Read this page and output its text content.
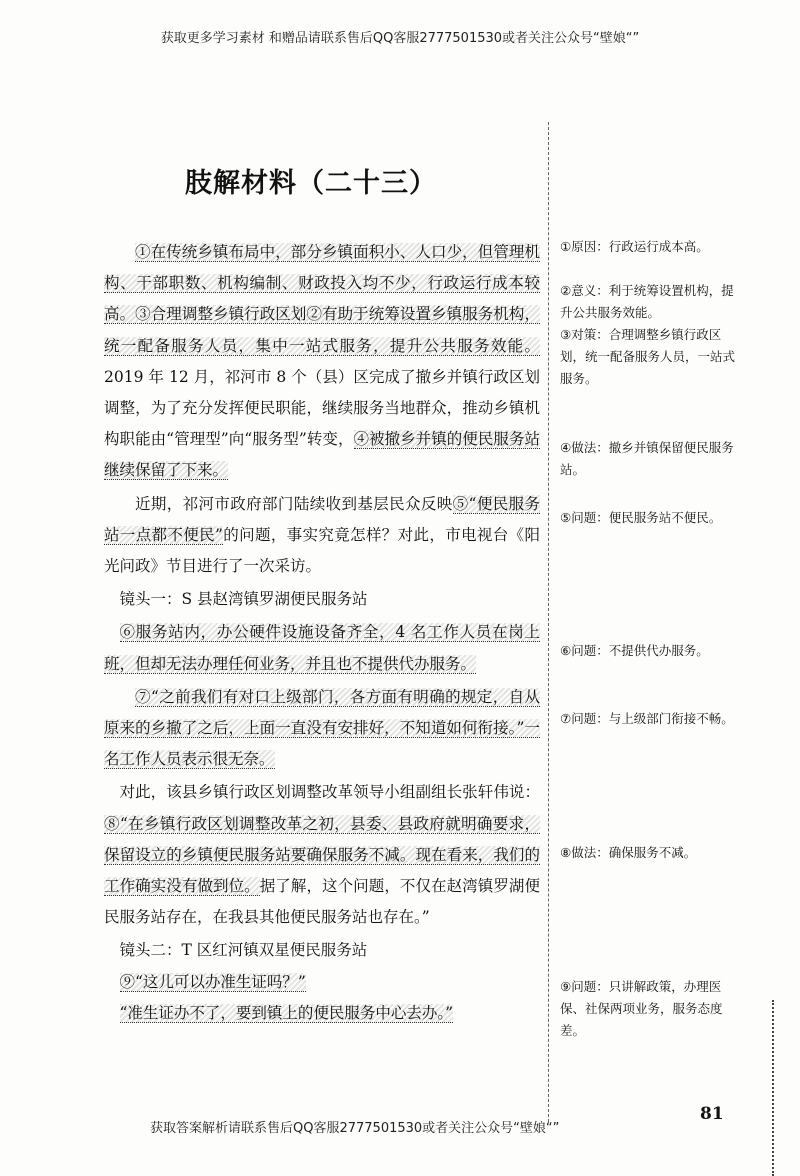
获取更多学习素材 和赠品请联系售后QQ客服2777501530或者关注公众号“壁娘“”
肢解材料（二十三）

①在传统乡镇布局中，部分乡镇面积小、人口少，但管理机构、干部职数、机构编制、财政投入均不少，行政运行成本较高。③合理调整乡镇行政区划②有助于统筹设置乡镇服务机构，统一配备服务人员，集中一站式服务，提升公共服务效能。2019 年 12 月，祁河市 8 个（县）区完成了撤乡并镇行政区划调整，为了充分发挥便民职能，继续服务当地群众，推动乡镇机构职能由“管理型”向“服务型”转变，④被撤乡并镇的便民服务站继续保留了下来。

近期，祁河市政府部门陆续收到基层民众反映⑤“便民服务站一点都不便民”的问题，事实究竟怎样？对此，市电视台《阳光问政》节目进行了一次采访。

镜头一：S 县赵湾镇罗湖便民服务站

⑥服务站内，办公硬件设施设备齐全，4 名工作人员在岗上班，但却无法办理任何业务，并且也不提供代办服务。

⑦“之前我们有对口上级部门，各方面有明确的规定，自从原来的乡撤了之后，上面一直没有安排好，不知道如何衔接。”一名工作人员表示很无奈。

对此，该县乡镇行政区划调整改革领导小组副组长张轩伟说：⑧“在乡镇行政区划调整改革之初，县委、县政府就明确要求，保留设立的乡镇便民服务站要确保服务不减。现在看来，我们的工作确实没有做到位。据了解，这个问题，不仅在赵湾镇罗湖便民服务站存在，在我县其他便民服务站也存在。”

镜头二：T 区红河镇双星便民服务站

⑨“这儿可以办准生证吗？”

“准生证办不了，要到镇上的便民服务中心去办。”

①原因：行政运行成本高。
②意义：利于统筹设置机构，提升公共服务效能。
③对策：合理调整乡镇行政区划，统一配备服务人员，一站式服务。
④做法：撤乡并镇保留便民服务站。
⑤问题：便民服务站不便民。
⑥问题：不提供代办服务。
⑦问题：与上级部门衔接不畅。
⑧做法：确保服务不减。
⑨问题：只讲解政策，办理医保、社保两项业务，服务态度差。
81
获取答案解析请联系售后QQ客服2777501530或者关注公众号“壁娘“”
